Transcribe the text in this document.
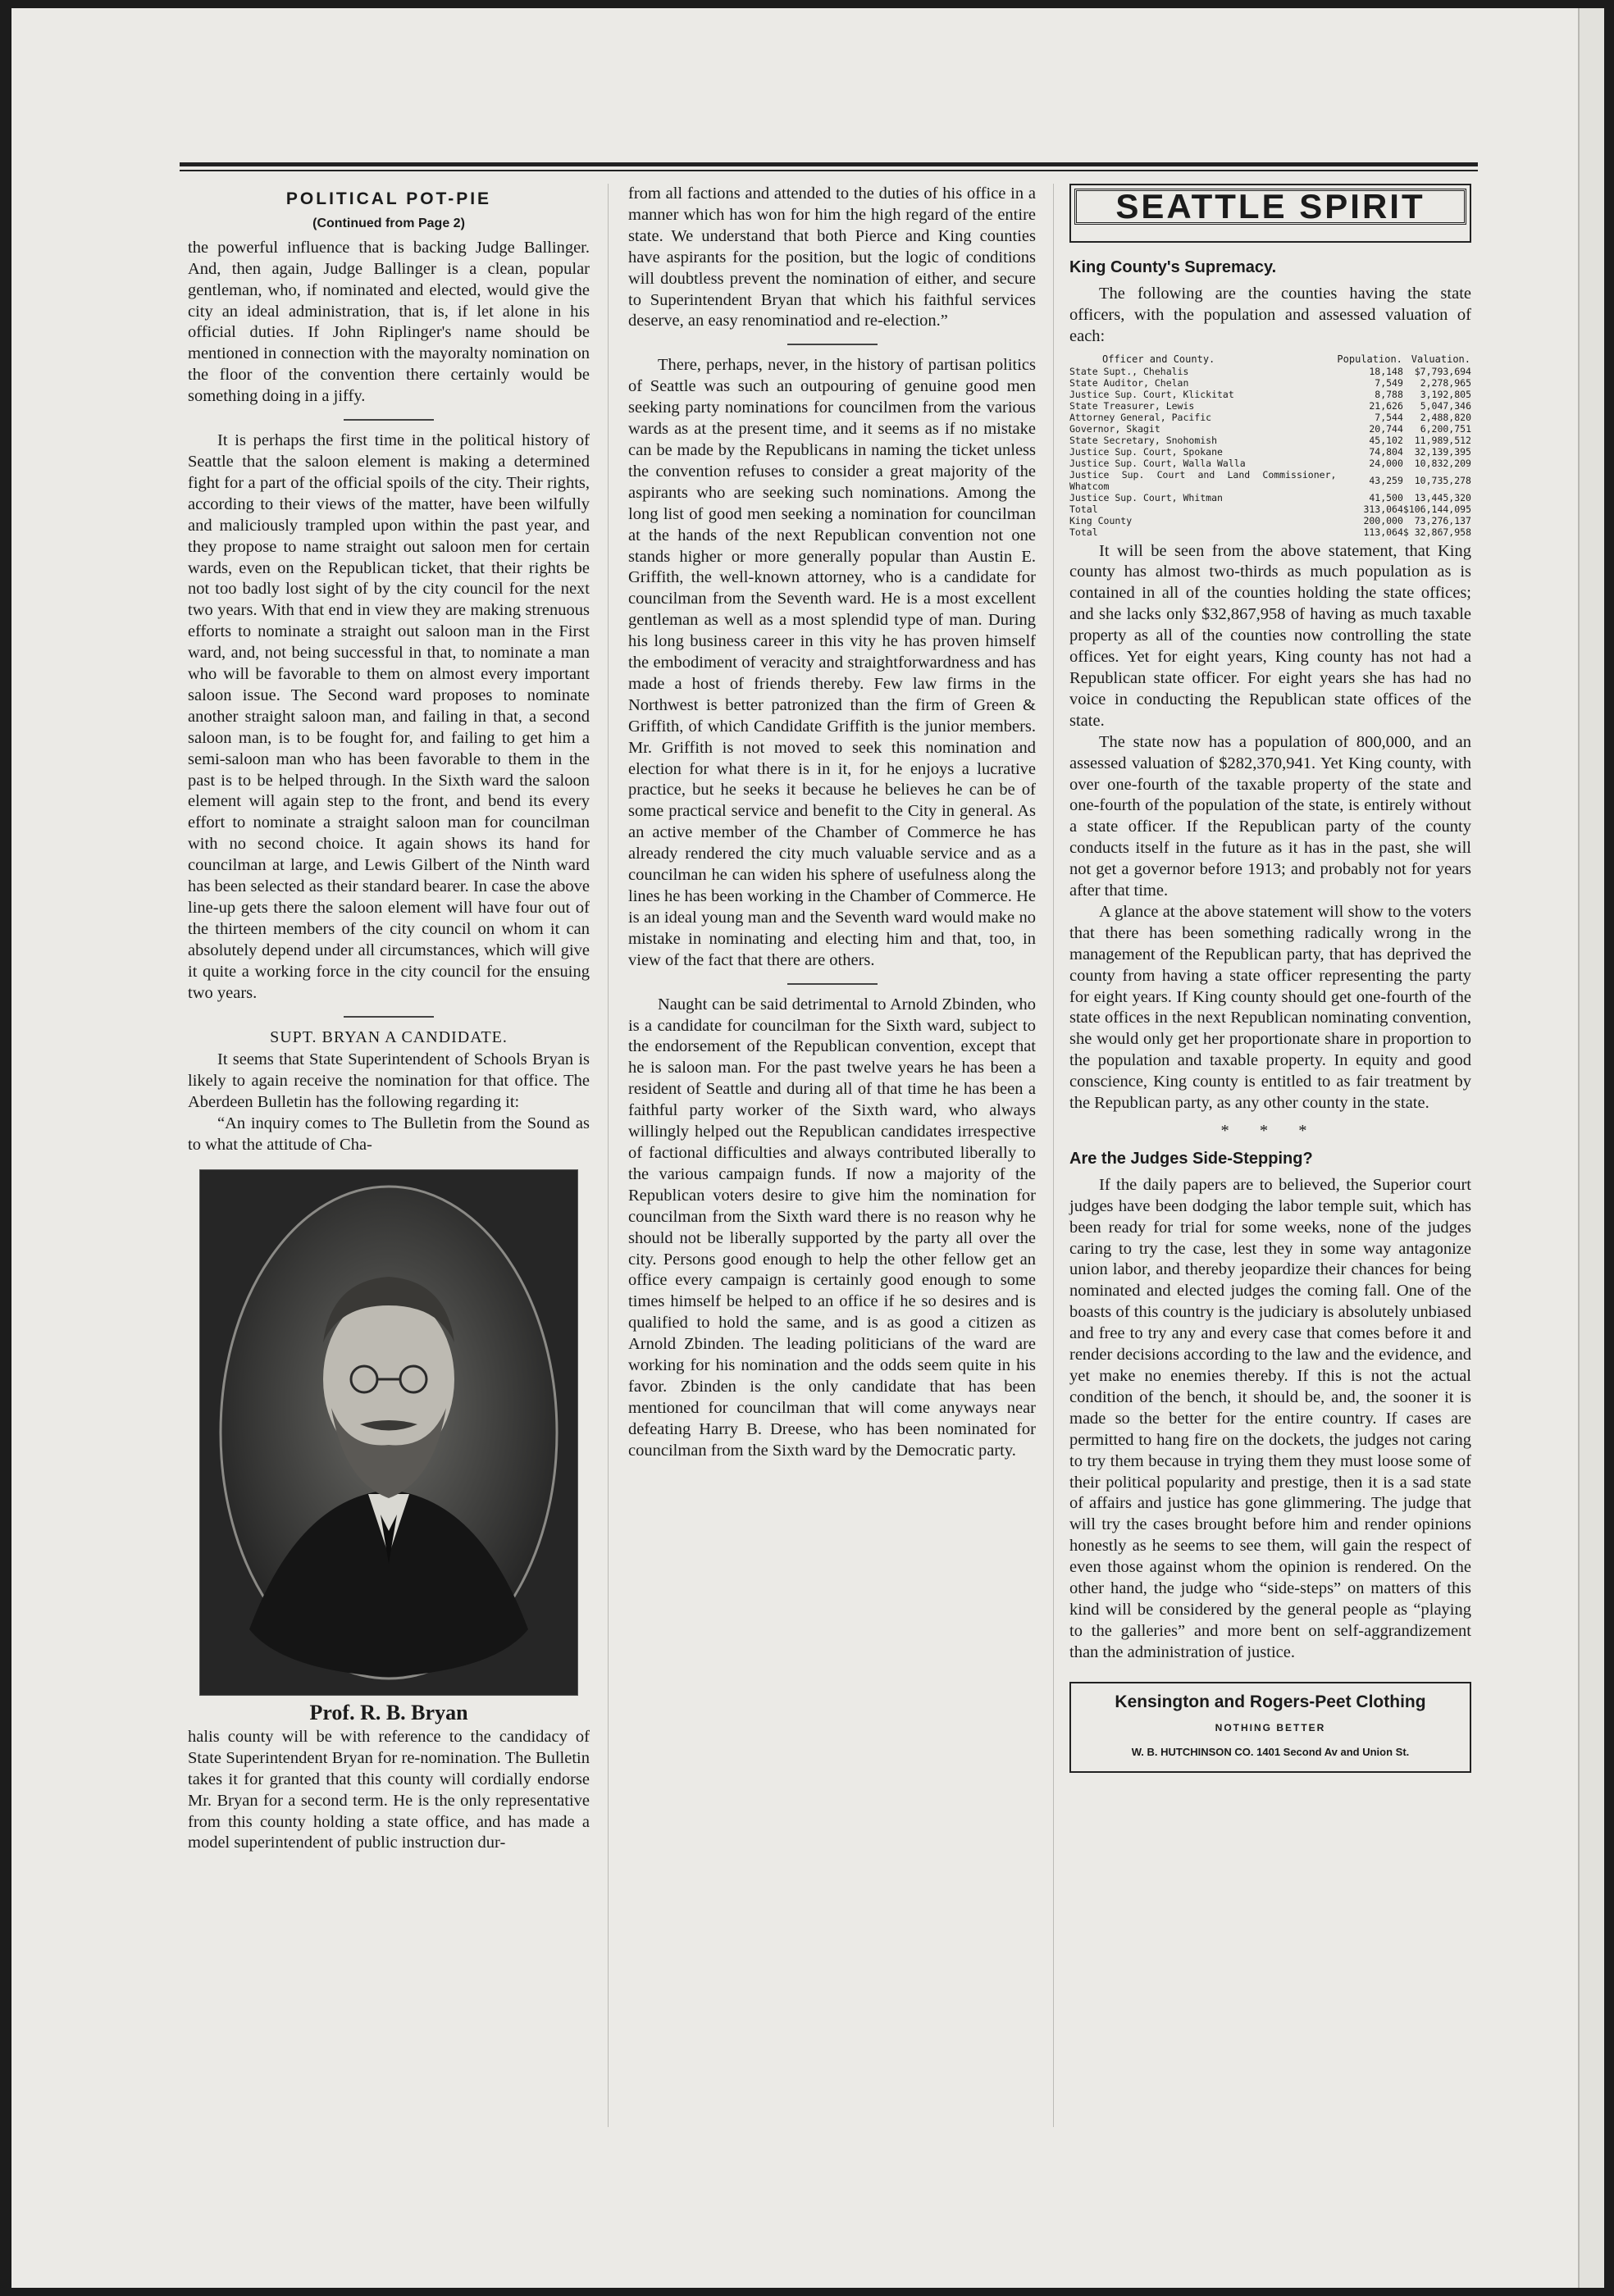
POLITICAL POT-PIE
(Continued from Page 2)

the powerful influence that is backing Judge Ballinger. And, then again, Judge Ballinger is a clean, popular gentleman, who, if nominated and elected, would give the city an ideal administration, that is, if let alone in his official duties. If John Riplinger's name should be mentioned in connection with the mayoralty nomination on the floor of the convention there certainly would be something doing in a jiffy.

It is perhaps the first time in the political history of Seattle that the saloon element is making a determined fight for a part of the official spoils of the city. Their rights, according to their views of the matter, have been wilfully and maliciously trampled upon within the past year, and they propose to name straight out saloon men for certain wards, even on the Republican ticket, that their rights be not too badly lost sight of by the city council for the next two years. With that end in view they are making strenuous efforts to nominate a straight out saloon man in the First ward, and, not being successful in that, to nominate a man who will be favorable to them on almost every important saloon issue. The Second ward proposes to nominate another straight saloon man, and failing in that, a second saloon man, is to be fought for, and failing to get him a semi-saloon man who has been favorable to them in the past is to be helped through. In the Sixth ward the saloon element will again step to the front, and bend its every effort to nominate a straight saloon man for councilman with no second choice. It again shows its hand for councilman at large, and Lewis Gilbert of the Ninth ward has been selected as their standard bearer. In case the above line-up gets there the saloon element will have four out of the thirteen members of the city council on whom it can absolutely depend under all circumstances, which will give it quite a working force in the city council for the ensuing two years.

SUPT. BRYAN A CANDIDATE.

It seems that State Superintendent of Schools Bryan is likely to again receive the nomination for that office. The Aberdeen Bulletin has the following regarding it:

“An inquiry comes to The Bulletin from the Sound as to what the attitude of Cha-

Prof. R. B. Bryan

halis county will be with reference to the candidacy of State Superintendent Bryan for re-nomination. The Bulletin takes it for granted that this county will cordially endorse Mr. Bryan for a second term. He is the only representative from this county holding a state office, and has made a model superintendent of public instruction dur-

from all factions and attended to the duties of his office in a manner which has won for him the high regard of the entire state. We understand that both Pierce and King counties have aspirants for the position, but the logic of conditions will doubtless prevent the nomination of either, and secure to Superintendent Bryan that which his faithful services deserve, an easy renominatiod and re-election.”

There, perhaps, never, in the history of partisan politics of Seattle was such an outpouring of genuine good men seeking party nominations for councilmen from the various wards as at the present time, and it seems as if no mistake can be made by the Republicans in naming the ticket unless the convention refuses to consider a great majority of the aspirants who are seeking such nominations. Among the long list of good men seeking a nomination for councilman at the hands of the next Republican convention not one stands higher or more generally popular than Austin E. Griffith, the well-known attorney, who is a candidate for councilman from the Seventh ward. He is a most excellent gentleman as well as a most splendid type of man. During his long business career in this vity he has proven himself the embodiment of veracity and straightforwardness and has made a host of friends thereby. Few law firms in the Northwest is better patronized than the firm of Green & Griffith, of which Candidate Griffith is the junior members. Mr. Griffith is not moved to seek this nomination and election for what there is in it, for he enjoys a lucrative practice, but he seeks it because he believes he can be of some practical service and benefit to the City in general. As an active member of the Chamber of Commerce he has already rendered the city much valuable service and as a councilman he can widen his sphere of usefulness along the lines he has been working in the Chamber of Commerce. He is an ideal young man and the Seventh ward would make no mistake in nominating and electing him and that, too, in view of the fact that there are others.

Naught can be said detrimental to Arnold Zbinden, who is a candidate for councilman for the Sixth ward, subject to the endorsement of the Republican convention, except that he is saloon man. For the past twelve years he has been a resident of Seattle and during all of that time he has been a faithful party worker of the Sixth ward, who always willingly helped out the Republican candidates irrespective of factional difficulties and always contributed liberally to the various campaign funds. If now a majority of the Republican voters desire to give him the nomination for councilman from the Sixth ward there is no reason why he should not be liberally supported by the party all over the city. Persons good enough to help the other fellow get an office every campaign is certainly good enough to some times himself be helped to an office if he so desires and is qualified to hold the same, and is as good a citizen as Arnold Zbinden. The leading politicians of the ward are working for his nomination and the odds seem quite in his favor. Zbinden is the only candidate that has been mentioned for councilman that will come anyways near defeating Harry B. Dreese, who has been nominated for councilman from the Sixth ward by the Democratic party.

SEATTLE SPIRIT
King County's Supremacy.

The following are the counties having the state officers, with the population and assessed valuation of each:

Officer and County.	Population.	Valuation.
State Supt., Chehalis	18,148	$7,793,694
State Auditor, Chelan	7,549	2,278,965
Justice Sup. Court, Klickitat	8,788	3,192,805
State Treasurer, Lewis	21,626	5,047,346
Attorney General, Pacific	7,544	2,488,820
Governor, Skagit	20,744	6,200,751
State Secretary, Snohomish	45,102	11,989,512
Justice Sup. Court, Spokane	74,804	32,139,395
Justice Sup. Court, Walla Walla	24,000	10,832,209
Justice Sup. Court and Land Commissioner, Whatcom	43,259	10,735,278
Justice Sup. Court, Whitman	41,500	13,445,320
Total	313,064	$106,144,095
King County	200,000	73,276,137
Total	113,064	$ 32,867,958

It will be seen from the above statement, that King county has almost two-thirds as much population as is contained in all of the counties holding the state offices; and she lacks only $32,867,958 of having as much taxable property as all of the counties now controlling the state offices. Yet for eight years, King county has not had a Republican state officer. For eight years she has had no voice in conducting the Republican state offices of the state.

The state now has a population of 800,000, and an assessed valuation of $282,370,941. Yet King county, with over one-fourth of the taxable property of the state and one-fourth of the population of the state, is entirely without a state officer. If the Republican party of the county conducts itself in the future as it has in the past, she will not get a governor before 1913; and probably not for years after that time.

A glance at the above statement will show to the voters that there has been something radically wrong in the management of the Republican party, that has deprived the county from having a state officer representing the party for eight years. If King county should get one-fourth of the state offices in the next Republican nominating convention, she would only get her proportionate share in proportion to the population and taxable property. In equity and good conscience, King county is entitled to as fair treatment by the Republican party, as any other county in the state.

* * *
Are the Judges Side-Stepping?

If the daily papers are to believed, the Superior court judges have been dodging the labor temple suit, which has been ready for trial for some weeks, none of the judges caring to try the case, lest they in some way antagonize union labor, and thereby jeopardize their chances for being nominated and elected judges the coming fall. One of the boasts of this country is the judiciary is absolutely unbiased and free to try any and every case that comes before it and render decisions according to the law and the evidence, and yet make no enemies thereby. If this is not the actual condition of the bench, it should be, and, the sooner it is made so the better for the entire country. If cases are permitted to hang fire on the dockets, the judges not caring to try them because in trying them they must loose some of their political popularity and prestige, then it is a sad state of affairs and justice has gone glimmering. The judge that will try the cases brought before him and render opinions honestly as he seems to see them, will gain the respect of even those against whom the opinion is rendered. On the other hand, the judge who “side-steps” on matters of this kind will be considered by the general people as “playing to the galleries” and more bent on self-aggrandizement than the administration of justice.

Kensington and Rogers-Peet Clothing
NOTHING BETTER
W. B. HUTCHINSON CO. 1401 Second Av and Union St.
